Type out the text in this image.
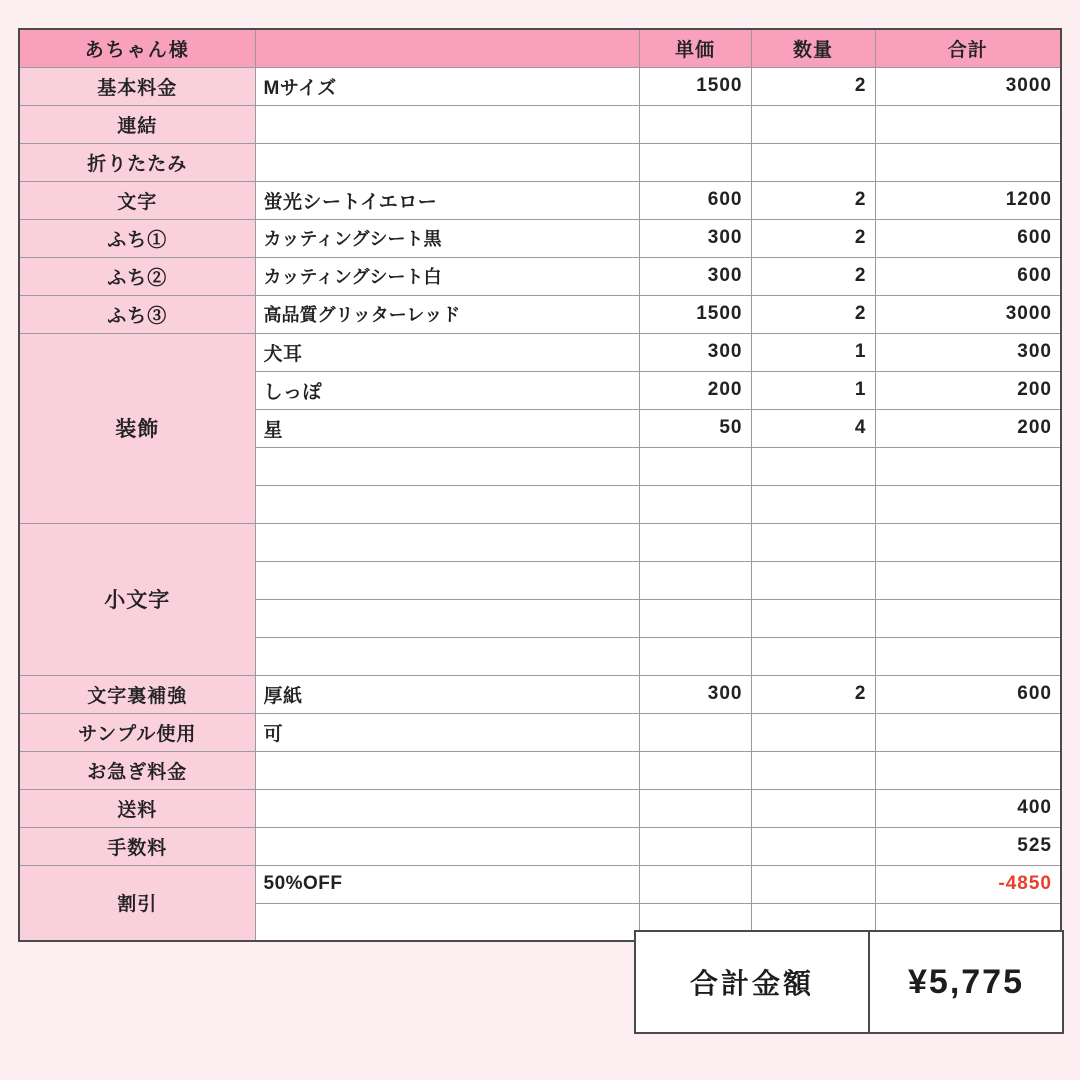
あちゃん様		単価	数量	合計
基本料金	Mサイズ	1500	2	3000
連結				
折りたたみ				
文字	蛍光シートイエロー	600	2	1200
ふち①	カッティングシート黒	300	2	600
ふち②	カッティングシート白	300	2	600
ふち③	高品質グリッターレッド	1500	2	3000
装飾	犬耳	300	1	300
	しっぽ	200	1	200
	星	50	4	200

小文字				

文字裏補強	厚紙	300	2	600
サンプル使用	可			
お急ぎ料金				
送料				400
手数料				525
割引	50%OFF			-4850

合計金額	¥5,775
